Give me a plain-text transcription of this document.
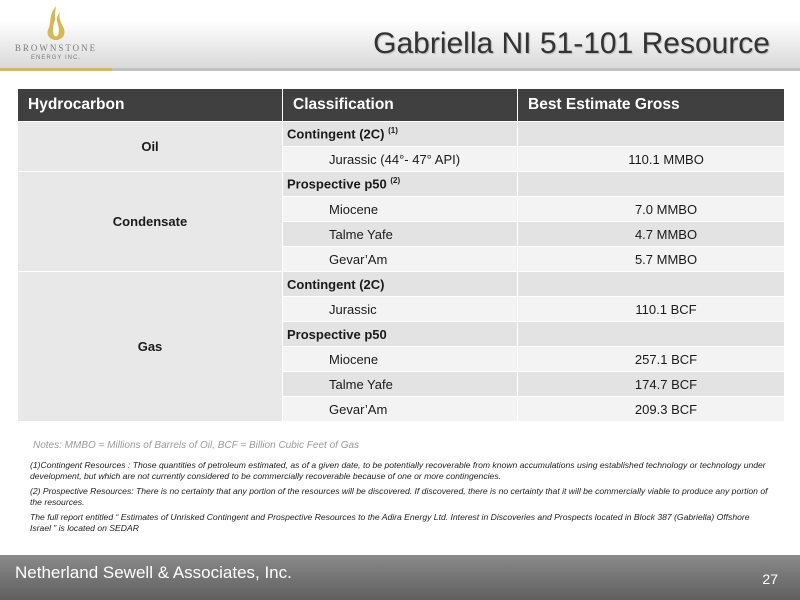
BROWNSTONE
ENERGY INC.	Gabriella NI 51-101 Resource
Hydrocarbon	Classification	Best Estimate Gross
Oil	Contingent (2C) $^{(1)}$	
	Jurassic (44°- 47° API)	110.1 MMBO
Condensate	Prospective p50 $^{(2)}$	
	Miocene	7.0 MMBO
	Talme Yafe	4.7 MMBO
	Gevar’Am	5.7 MMBO
Gas	Contingent (2C)	
	Jurassic	110.1 BCF
	Prospective p50	
	Miocene	257.1 BCF
	Talme Yafe	174.7 BCF
	Gevar’Am	209.3 BCF
Notes: MMBO = Millions of Barrels of Oil, BCF = Billion Cubic Feet of Gas

(1)Contingent Resources : Those quantities of petroleum estimated, as of a given date, to be potentially recoverable from known accumulations using established technology or technology under development, but which are not currently considered to be commercially recoverable because of one or more contingencies.

(2) Prospective Resources: There is no certainty that any portion of the resources will be discovered. If discovered, there is no certainty that it will be commercially viable to produce any portion of the resources.

The full report entitled “ Estimates of Unrisked Contingent and Prospective Resources to the Adira Energy Ltd. Interest in Discoveries and Prospects located in Block 387 (Gabriella) Offshore Israel ” is located on SEDAR

Netherland Sewell & Associates, Inc.	27
